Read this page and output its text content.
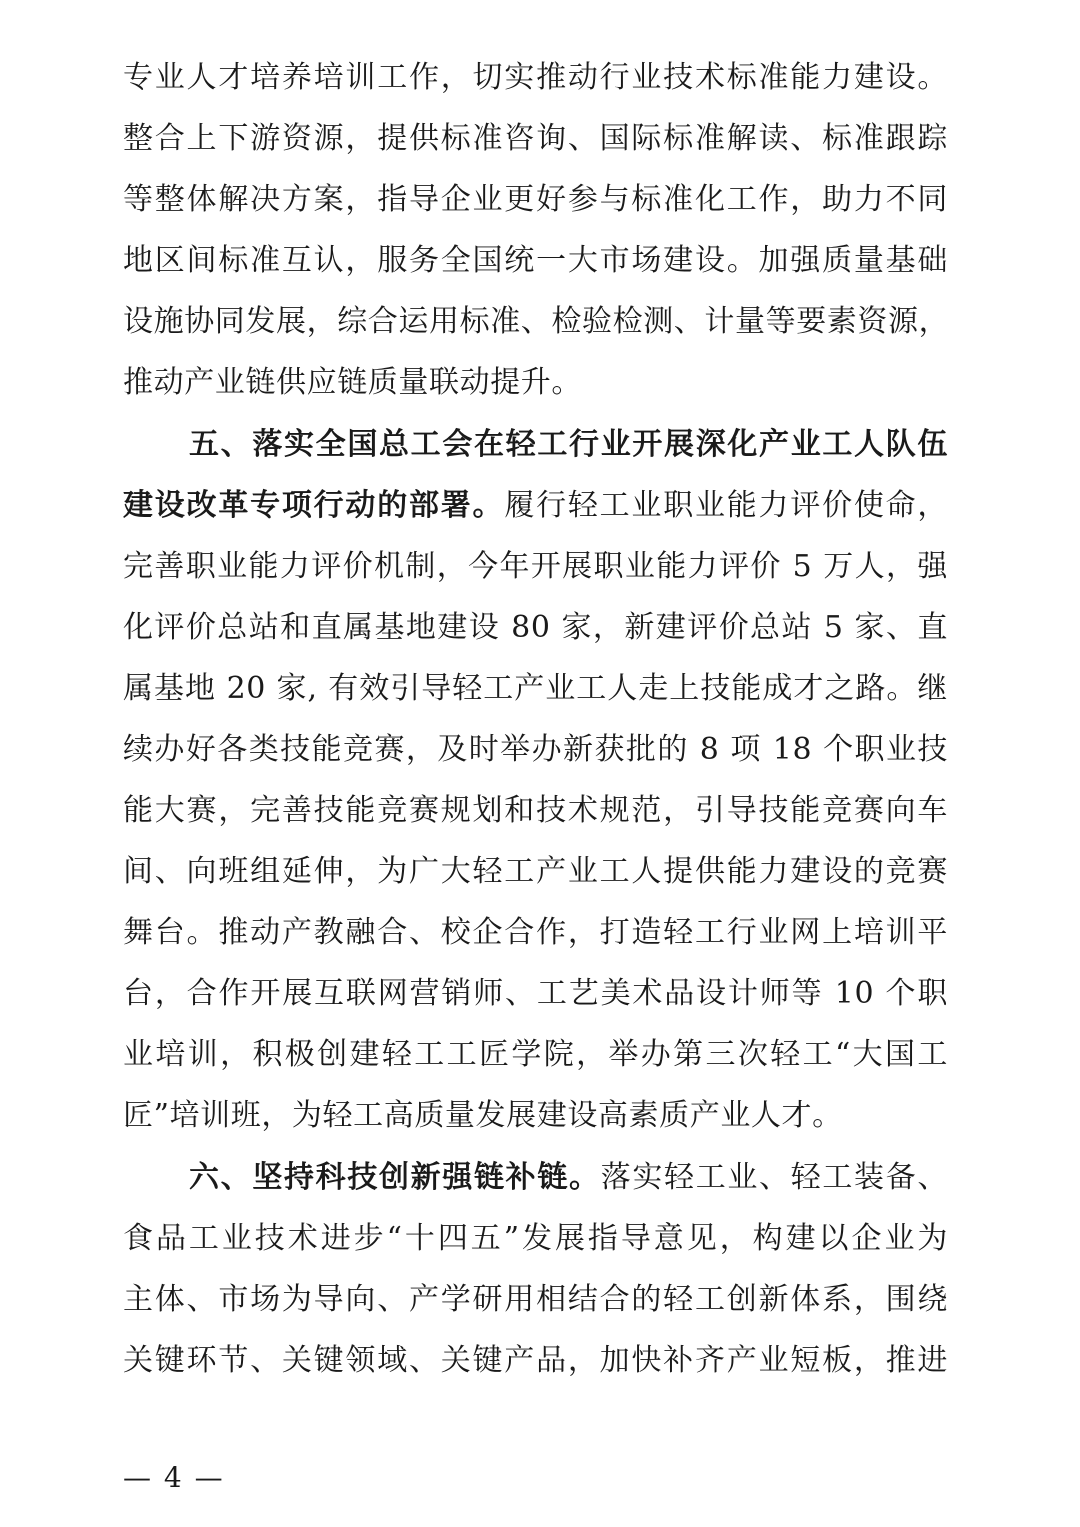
专业人才培养培训工作，切实推动行业技术标准能力建设。
整合上下游资源，提供标准咨询、国际标准解读、标准跟踪
等整体解决方案，指导企业更好参与标准化工作，助力不同
地区间标准互认，服务全国统一大市场建设。加强质量基础
设施协同发展，综合运用标准、检验检测、计量等要素资源，
推动产业链供应链质量联动提升。
五、落实全国总工会在轻工行业开展深化产业工人队伍
建设改革专项行动的部署。履行轻工业职业能力评价使命，
完善职业能力评价机制，今年开展职业能力评价 5 万人，强
化评价总站和直属基地建设 80 家，新建评价总站 5 家、直
属基地 20 家, 有效引导轻工产业工人走上技能成才之路。继
续办好各类技能竞赛，及时举办新获批的 8 项 18 个职业技
能大赛，完善技能竞赛规划和技术规范，引导技能竞赛向车
间、向班组延伸，为广大轻工产业工人提供能力建设的竞赛
舞台。推动产教融合、校企合作，打造轻工行业网上培训平
台，合作开展互联网营销师、工艺美术品设计师等 10 个职
业培训，积极创建轻工工匠学院，举办第三次轻工“大国工
匠”培训班，为轻工高质量发展建设高素质产业人才。
六、坚持科技创新强链补链。落实轻工业、轻工装备、
食品工业技术进步“十四五”发展指导意见，构建以企业为
主体、市场为导向、产学研用相结合的轻工创新体系，围绕
关键环节、关键领域、关键产品，加快补齐产业短板，推进
— 4 —
